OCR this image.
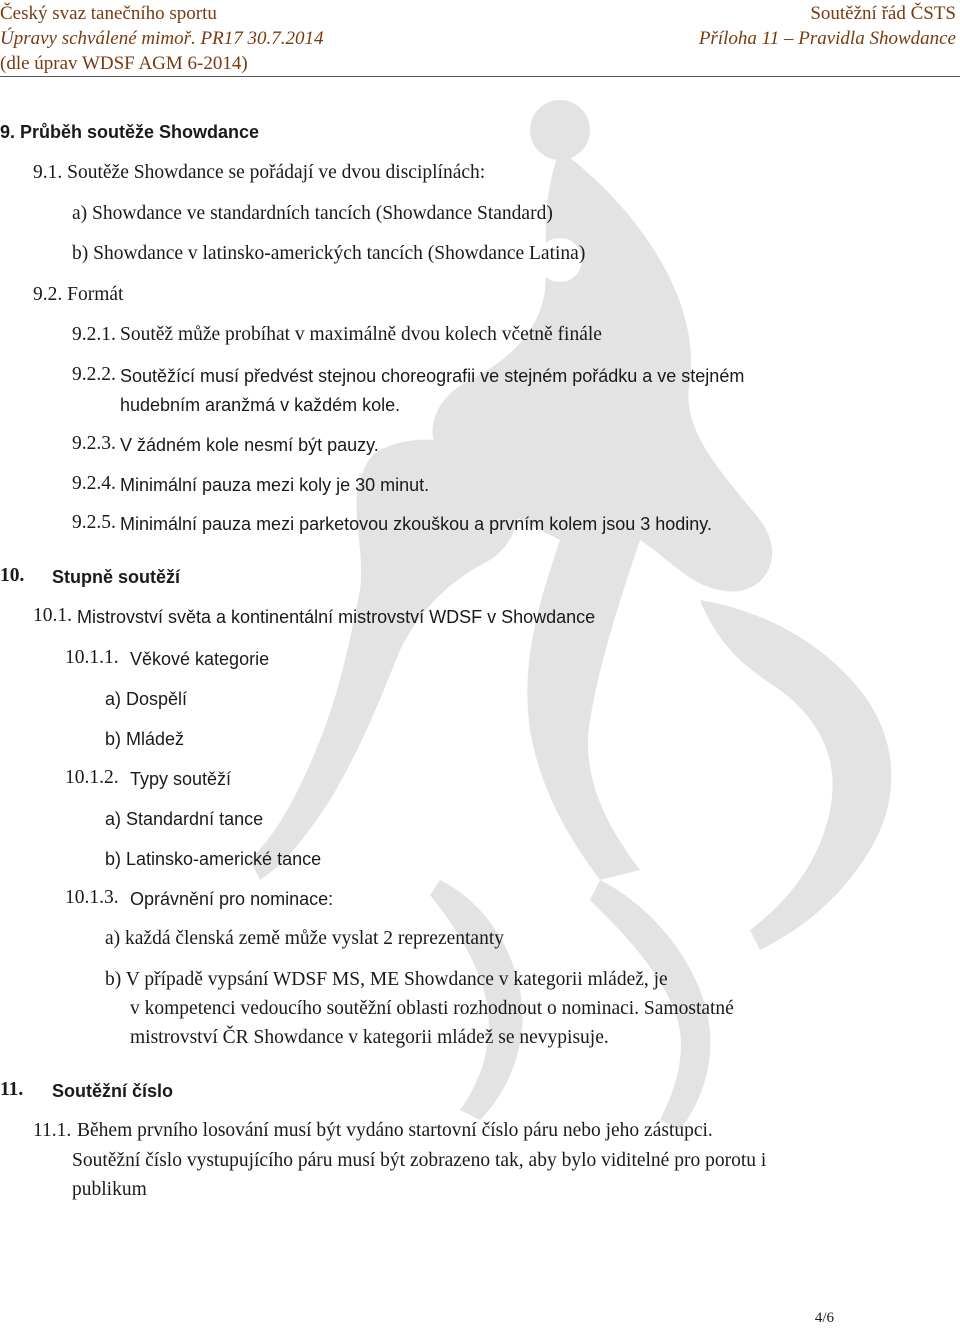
Český svaz tanečního sportu
Úpravy schválené mimoř. PR17 30.7.2014
(dle úprav WDSF AGM 6-2014)
Soutěžní řád ČSTS
Příloha 11 – Pravidla Showdance
9. Průběh soutěže Showdance
9.1. Soutěže Showdance se pořádají ve dvou disciplínách:
a) Showdance ve standardních tancích (Showdance Standard)
b) Showdance v latinsko-amerických tancích (Showdance Latina)
9.2. Formát
9.2.1. Soutěž může probíhat v maximálně dvou kolech včetně finále
9.2.2. Soutěžící musí předvést stejnou choreografii ve stejném pořádku a ve stejném
hudebním aranžmá v každém kole.
9.2.3. V žádném kole nesmí být pauzy.
9.2.4. Minimální pauza mezi koly je 30 minut.
9.2.5. Minimální pauza mezi parketovou zkouškou a prvním kolem jsou 3 hodiny.
10. Stupně soutěží
10.1. Mistrovství světa a kontinentální mistrovství WDSF v Showdance
10.1.1. Věkové kategorie
a) Dospělí
b) Mládež
10.1.2. Typy soutěží
a) Standardní tance
b) Latinsko-americké tance
10.1.3. Oprávnění pro nominace:
a) každá členská země může vyslat 2 reprezentanty
b) V případě vypsání WDSF MS, ME Showdance v kategorii mládež, je
v kompetenci vedoucího soutěžní oblasti rozhodnout o nominaci. Samostatné
mistrovství ČR Showdance v kategorii mládež se nevypisuje.
11. Soutěžní číslo
11.1. Během prvního losování musí být vydáno startovní číslo páru nebo jeho zástupci.
Soutěžní číslo vystupujícího páru musí být zobrazeno tak, aby bylo viditelné pro porotu i
publikum
4/6
